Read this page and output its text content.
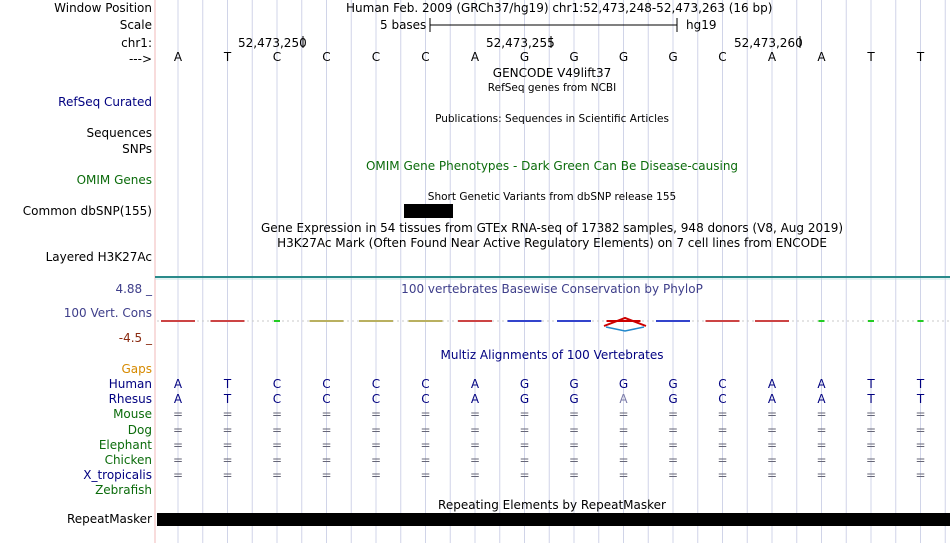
Window Position	Human Feb. 2009 (GRCh37/hg19) chr1:52,473,248-52,473,263 (16 bp)
Scale	5 bases	hg19
chr1:	52,473,250	52,473,255	52,473,260
--->	A	T	C	C	C	C	A	G	G	G	G	C	A	A	T	T
GENCODE V49lift37
RefSeq genes from NCBI
RefSeq Curated
Publications: Sequences in Scientific Articles
Sequences
SNPs
OMIM Gene Phenotypes - Dark Green Can Be Disease-causing
OMIM Genes
Short Genetic Variants from dbSNP release 155
Common dbSNP(155)
Gene Expression in 54 tissues from GTEx RNA-seq of 17382 samples, 948 donors (V8, Aug 2019)
H3K27Ac Mark (Often Found Near Active Regulatory Elements) on 7 cell lines from ENCODE
Layered H3K27Ac
4.88 _	100 vertebrates Basewise Conservation by PhyloP
100 Vert. Cons
-4.5 _
Multiz Alignments of 100 Vertebrates
Gaps
Human	A	T	C	C	C	C	A	G	G	G	G	C	A	A	T	T
Rhesus	A	T	C	C	C	C	A	G	G	A	G	C	A	A	T	T
Mouse	=	=	=	=	=	=	=	=	=	=	=	=	=	=	=	=
Dog	=	=	=	=	=	=	=	=	=	=	=	=	=	=	=	=
Elephant	=	=	=	=	=	=	=	=	=	=	=	=	=	=	=	=
Chicken	=	=	=	=	=	=	=	=	=	=	=	=	=	=	=	=
X_tropicalis	=	=	=	=	=	=	=	=	=	=	=	=	=	=	=	=
Zebrafish
Repeating Elements by RepeatMasker
RepeatMasker
